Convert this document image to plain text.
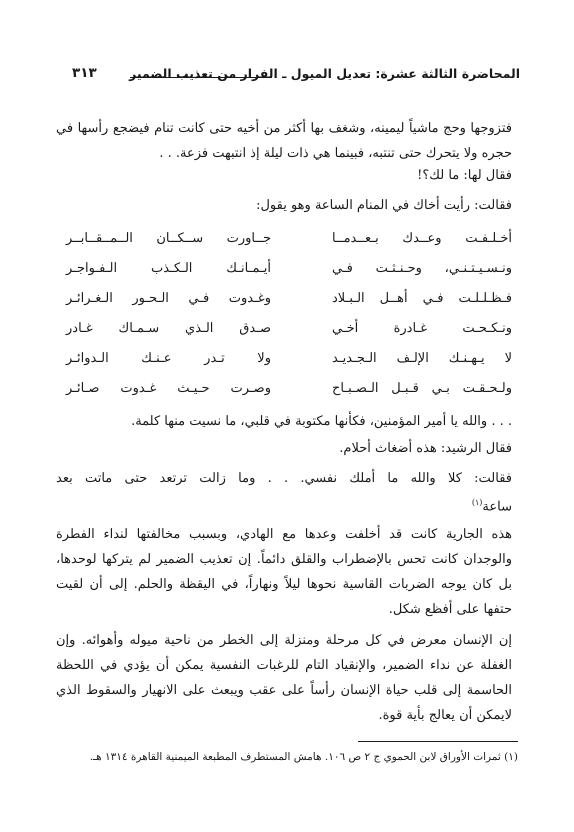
المحاضرة الثالثة عشرة: تعديل الميول ـ الفرار من تعذيب الضمير
٣١٣

فتزوجها وحج ماشياً ليمينه، وشغف بها أكثر من أخيه حتى كانت تنام فيضجع رأسها في حجره ولا يتحرك حتى تنتبه، فبينما هي ذات ليلة إذ انتبهت فزعة. . .

فقال لها: ما لك؟!
فقالت: رأيت أخاك في المنام الساعة وهو يقول:
أخـلـفـت وعــدك بـعــدمــا
جــاورت ســكــان الــمــقــابــر
ونـسـيـتـنـي، وحـنـثـت فـي
أيـمـانـك الـكـذب الـفـواجـر
فـظـلـلـت فـي أهــل الـبـلاد
وغـدوت فـي الـحـور الـغـرائـر
ونـكـحـت غـادرة أخـي
صـدق الـذي سـمـاك غـادر
لا يـهـنـك الإلـف الـجـديـد
ولا تـدر عـنـك الـدوائـر
ولـحـقـت بـي قـبـل الـصـبـاح
وصـرت حـيـث غـدوت صـائـر
. . . والله يا أمير المؤمنين، فكأنها مكتوبة في قلبي، ما نسيت منها كلمة.
فقال الرشيد: هذه أضغاث أحلام.
فقالت: كلا والله ما أملك نفسي. . . وما زالت ترتعد حتى ماتت بعد
ساعة$^{(١)}$

هذه الجارية كانت قد أخلفت وعدها مع الهادي، وبسبب مخالفتها لنداء الفطرة والوجدان كانت تحس بالإضطراب والقلق دائماً. إن تعذيب الضمير لم يتركها لوحدها، بل كان يوجه الضربات القاسية نحوها ليلاً ونهاراً، في اليقظة والحلم. إلى أن لقيت حتفها على أفظع شكل.

إن الإنسان معرض في كل مرحلة ومنزلة إلى الخطر من ناحية ميوله وأهوائه. وإن الغفلة عن نداء الضمير، والإنقياد التام للرغبات النفسية يمكن أن يؤدي في اللحظة الحاسمة إلى قلب حياة الإنسان رأساً على عقب ويبعث على الانهيار والسقوط الذي لايمكن أن يعالج بأية قوة.

(١) ثمرات الأوراق لابن الحموي ج ٢ ص ١٠٦. هامش المستطرف المطبعة الميمنية القاهرة ١٣١٤ هـ.
